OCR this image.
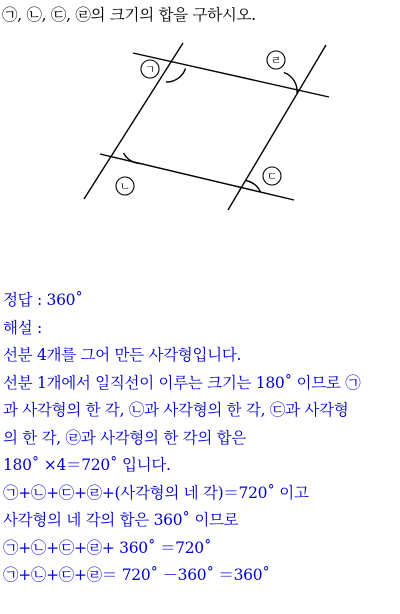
㉠, ㉡, ㉢, ㉣의 크기의 합을 구하시오.
ㄱ
ㄹ
ㄴ
ㄷ
정답 : 360˚
해설 :
선분 4개를 그어 만든 사각형입니다.
선분 1개에서 일직선이 이루는 크기는 180˚ 이므로 ㉠
과 사각형의 한 각, ㉡과 사각형의 한 각, ㉢과 사각형
의 한 각, ㉣과 사각형의 한 각의 합은
180˚ ×4＝720˚ 입니다.
㉠+㉡+㉢+㉣+(사각형의 네 각)＝720˚ 이고
사각형의 네 각의 합은 360˚ 이므로
㉠+㉡+㉢+㉣+ 360˚ ＝720˚
㉠+㉡+㉢+㉣＝ 720˚ －360˚ ＝360˚
